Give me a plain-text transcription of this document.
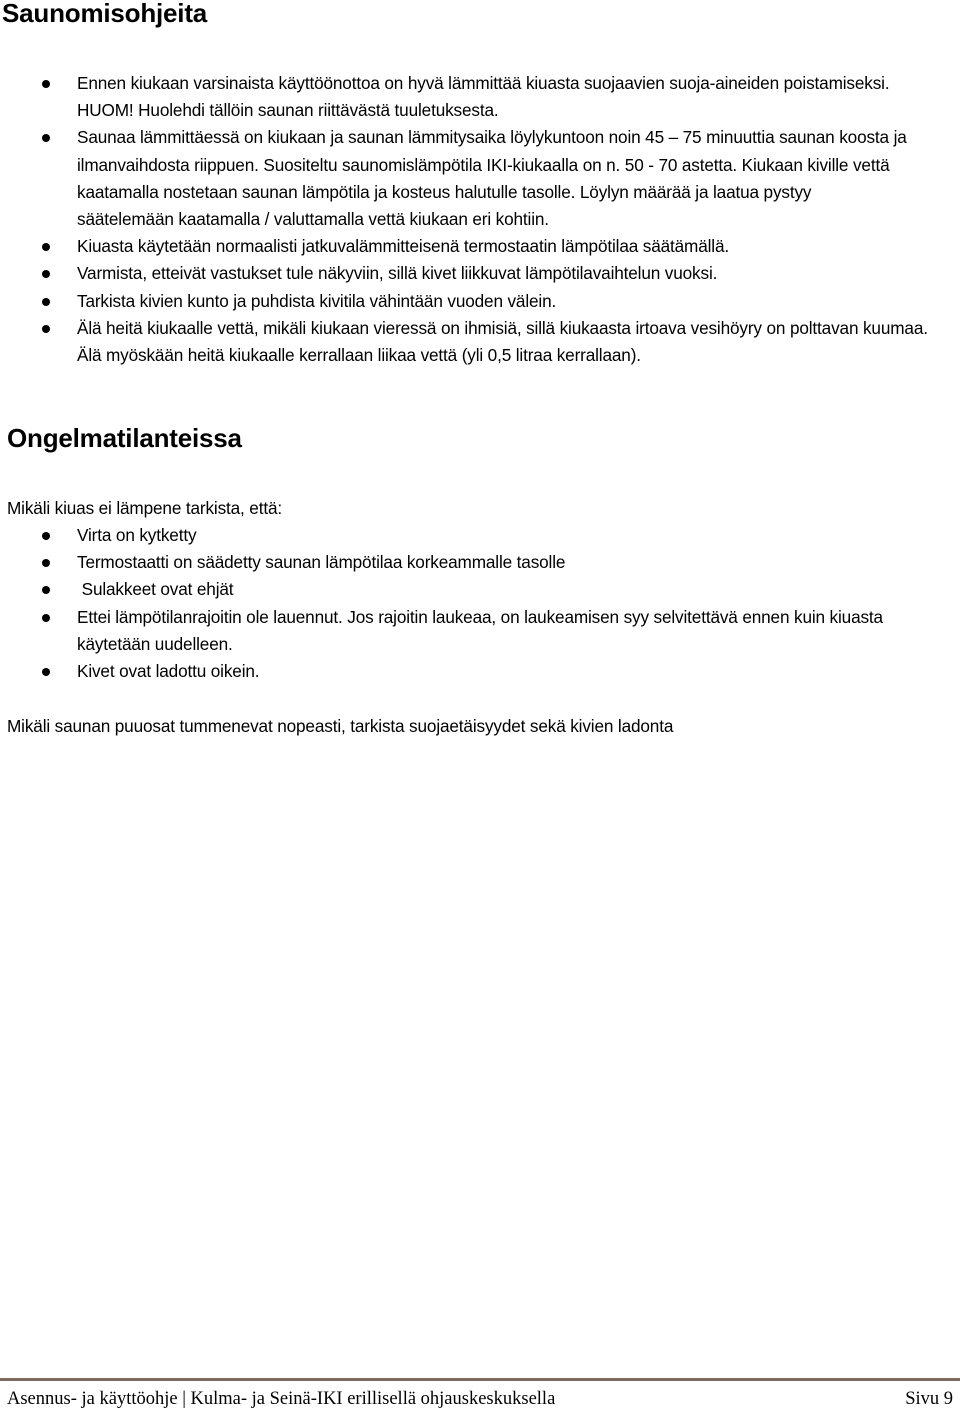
Saunomisohjeita
Ennen kiukaan varsinaista käyttöönottoa on hyvä lämmittää kiuasta suojaavien suoja-aineiden poistamiseksi. HUOM! Huolehdi tällöin saunan riittävästä tuuletuksesta.
Saunaa lämmittäessä on kiukaan ja saunan lämmitysaika löylykuntoon noin 45 – 75 minuuttia saunan koosta ja ilmanvaihdosta riippuen. Suositeltu saunomislämpötila IKI-kiukaalla on n. 50 - 70 astetta. Kiukaan kiville vettä kaatamalla nostetaan saunan lämpötila ja kosteus halutulle tasolle. Löylyn määrää ja laatua pystyy säätelemään kaatamalla / valuttamalla vettä kiukaan eri kohtiin.
Kiuasta käytetään normaalisti jatkuvalämmitteisenä termostaatin lämpötilaa säätämällä.
Varmista, etteivät vastukset tule näkyviin, sillä kivet liikkuvat lämpötilavaihtelun vuoksi.
Tarkista kivien kunto ja puhdista kivitila vähintään vuoden välein.
Älä heitä kiukaalle vettä, mikäli kiukaan vieressä on ihmisiä, sillä kiukaasta irtoava vesihöyry on polttavan kuumaa. Älä myöskään heitä kiukaalle kerrallaan liikaa vettä (yli 0,5 litraa kerrallaan).
Ongelmatilanteissa

Mikäli kiuas ei lämpene tarkista, että:

Virta on kytketty
Termostaatti on säädetty saunan lämpötilaa korkeammalle tasolle
Sulakkeet ovat ehjät
Ettei lämpötilanrajoitin ole lauennut. Jos rajoitin laukeaa, on laukeamisen syy selvitettävä ennen kuin kiuasta käytetään uudelleen.
Kivet ovat ladottu oikein.

Mikäli saunan puuosat tummenevat nopeasti, tarkista suojaetäisyydet sekä kivien ladonta

Asennus- ja käyttöohje | Kulma- ja Seinä-IKI erillisellä ohjauskeskuksella	Sivu 9
